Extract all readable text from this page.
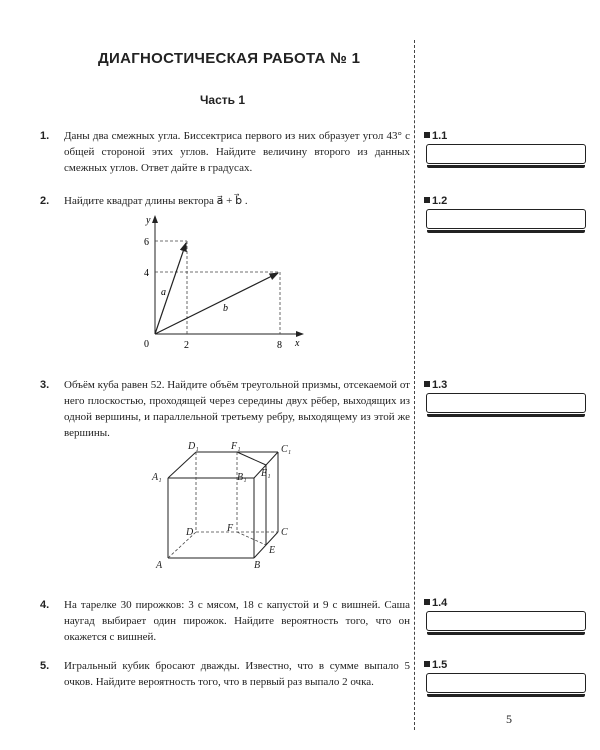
ДИАГНОСТИЧЕСКАЯ РАБОТА № 1
Часть 1
1. Даны два смежных угла. Биссектриса первого из них образует угол 43° с общей стороной этих углов. Найдите величину второго из данных смежных углов. Ответ дайте в градусах.
1.1
2. Найдите квадрат длины вектора a⃗ + b⃗ .	1.2
y
x
0	2	8
4
6
a⃗
b⃗
3. Объём куба равен 52. Найдите объём треугольной призмы, отсекаемой от него плоскостью, проходящей через середины двух рёбер, выходящих из одной вершины, и параллельной третьему ребру, выходящему из этой же вершины.
1.3
A	B
C
D
A₁	B₁
C₁
D₁
E
E₁
F
F₁
4. На тарелке 30 пирожков: 3 с мясом, 18 с капустой и 9 с вишней. Саша наугад выбирает один пирожок. Найдите вероятность того, что он окажется с вишней.
1.4
5. Игральный кубик бросают дважды. Известно, что в сумме выпало 5 очков. Найдите вероятность того, что в первый раз выпало 2 очка.
1.5
5
